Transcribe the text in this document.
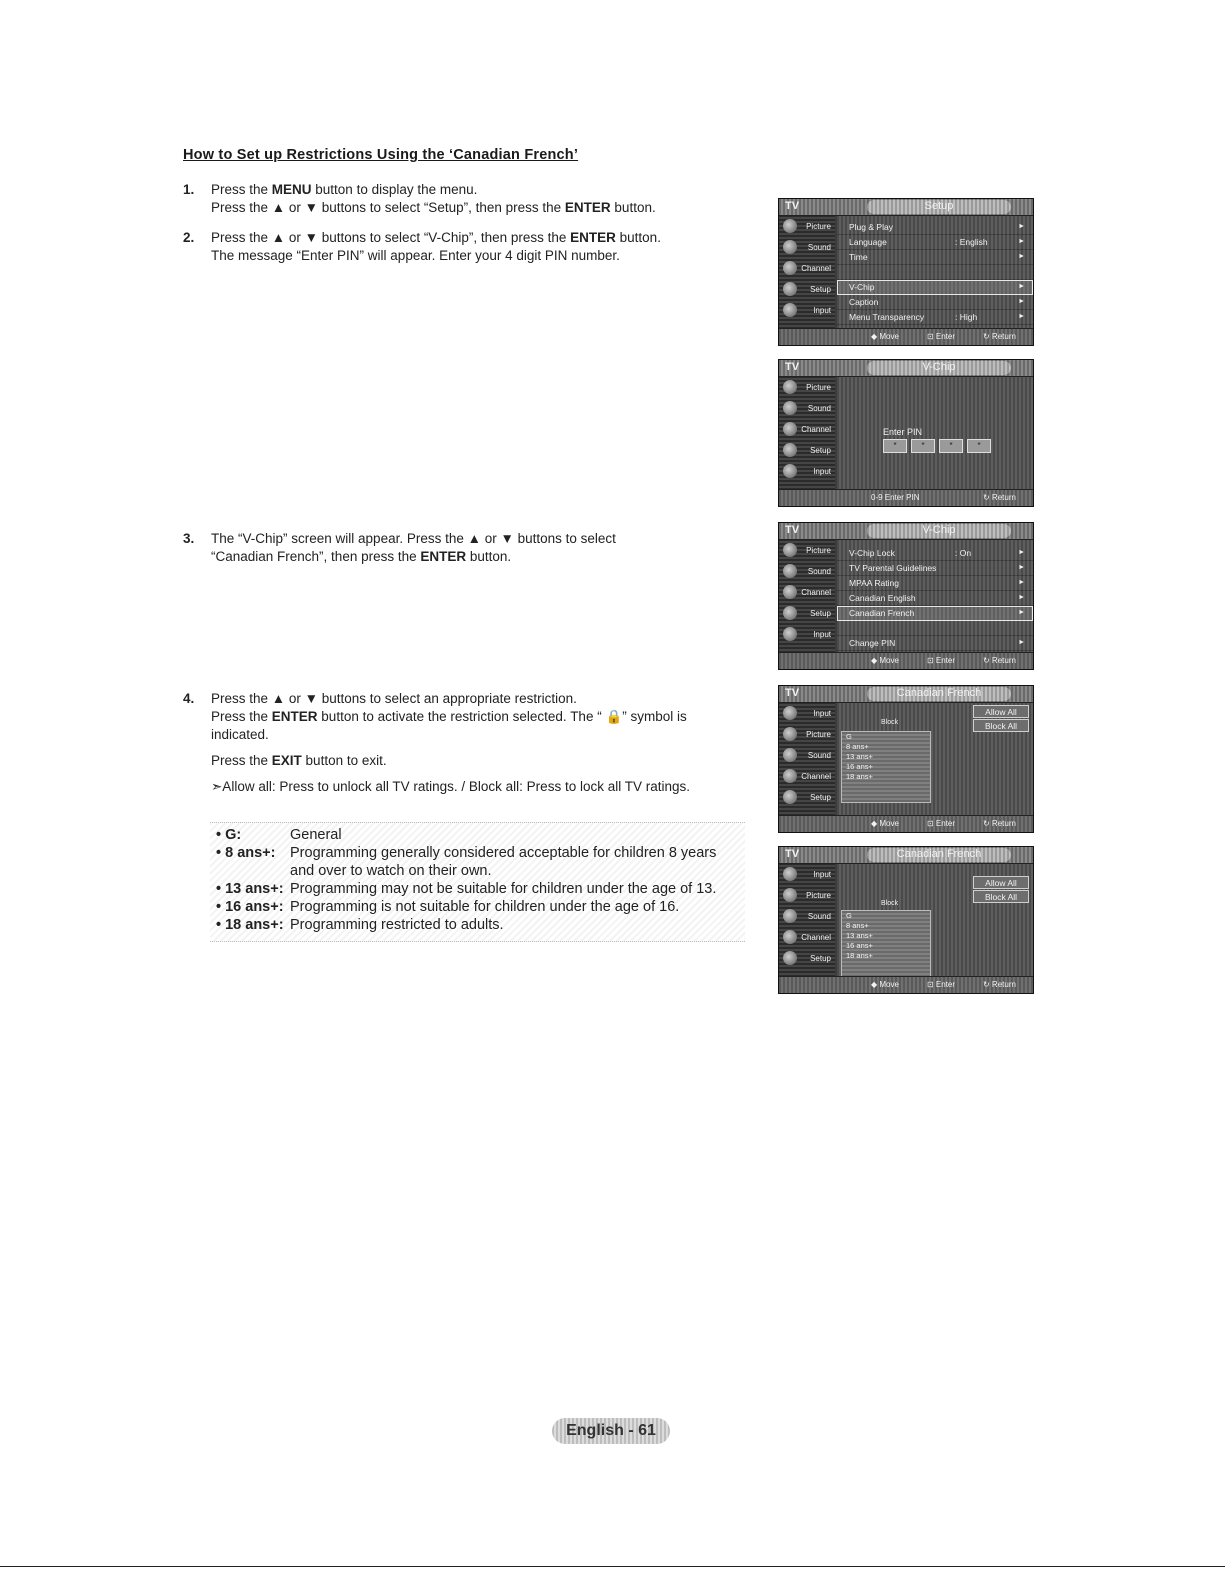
How to Set up Restrictions Using the ‘Canadian French’
1.	Press the MENU button to display the menu.
Press the ▲ or ▼ buttons to select “Setup”, then press the ENTER button.
2.	Press the ▲ or ▼ buttons to select “V-Chip”, then press the ENTER button.
The message “Enter PIN” will appear. Enter your 4 digit PIN number.
3.	The “V-Chip” screen will appear. Press the ▲ or ▼ buttons to select
“Canadian French”, then press the ENTER button.
4.	Press the ▲ or ▼ buttons to select an appropriate restriction.
Press the ENTER button to activate the restriction selected. The “ 🔒” symbol is
indicated.
Press the EXIT button to exit.
➣Allow all: Press to unlock all TV ratings. / Block all: Press to lock all TV ratings.
• G:	General
• 8 ans+:	Programming generally considered acceptable for children 8 years
and over to watch on their own.
• 13 ans+: Programming may not be suitable for children under the age of 13.
• 16 ans+: Programming is not suitable for children under the age of 16.
• 18 ans+: Programming restricted to adults.
TV	Setup
Picture
Sound
Channel
Setup
Input
Plug & Play	►
Language	: English	►
Time	►
V-Chip	►
Caption	►
Menu Transparency	: High	►
◆ Move	⊡ Enter	↻ Return
TV	V-Chip
Picture
Sound
Channel
Setup
Input
Enter PIN
*	*	*	*
0-9 Enter PIN	↻ Return
TV	V-Chip
Picture
Sound
Channel
Setup
Input
V-Chip Lock	: On	►
TV Parental Guidelines	►
MPAA Rating	►
Canadian English	►
Canadian French	►
Change PIN	►
◆ Move	⊡ Enter	↻ Return
TV	Canadian French
Input
Picture
Sound
Channel
Setup
Allow All
Block All
Block
G
8 ans+
13 ans+
16 ans+
18 ans+
◆ Move	⊡ Enter	↻ Return
TV	Canadian French
Input
Picture
Sound
Channel
Setup
Allow All
Block All
Block
G
8 ans+
13 ans+
16 ans+
18 ans+
◆ Move	⊡ Enter	↻ Return
English - 61
